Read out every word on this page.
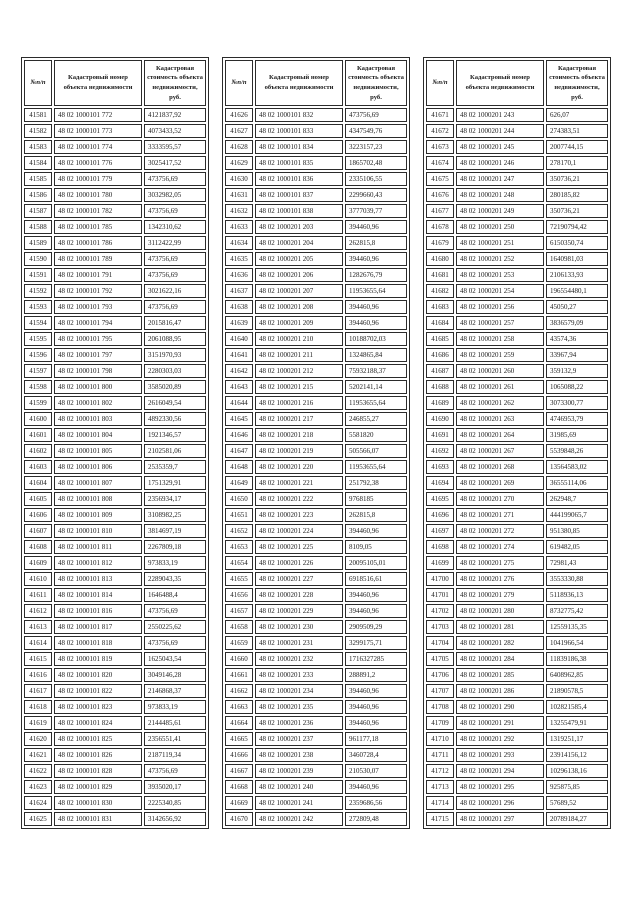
№п/п	Кадастровый номер объекта недвижимости	Кадастровая стоимость объекта недвижимости, руб.
41581	48 02 1000101 772	4121837,92
41582	48 02 1000101 773	4073433,52
41583	48 02 1000101 774	3333595,57
41584	48 02 1000101 776	3025417,52
41585	48 02 1000101 779	473756,69
41586	48 02 1000101 780	3032982,05
41587	48 02 1000101 782	473756,69
41588	48 02 1000101 785	1342310,62
41589	48 02 1000101 786	3112422,99
41590	48 02 1000101 789	473756,69
41591	48 02 1000101 791	473756,69
41592	48 02 1000101 792	3021622,16
41593	48 02 1000101 793	473756,69
41594	48 02 1000101 794	2015816,47
41595	48 02 1000101 795	2061088,95
41596	48 02 1000101 797	3151970,93
41597	48 02 1000101 798	2280303,03
41598	48 02 1000101 800	3585020,89
41599	48 02 1000101 802	2616049,54
41600	48 02 1000101 803	4892330,56
41601	48 02 1000101 804	1921346,57
41602	48 02 1000101 805	2102581,06
41603	48 02 1000101 806	2535359,7
41604	48 02 1000101 807	1751329,91
41605	48 02 1000101 808	2356934,17
41606	48 02 1000101 809	3108982,25
41607	48 02 1000101 810	3814697,19
41608	48 02 1000101 811	2267809,18
41609	48 02 1000101 812	973833,19
41610	48 02 1000101 813	2289043,35
41611	48 02 1000101 814	1646488,4
41612	48 02 1000101 816	473756,69
41613	48 02 1000101 817	2550225,62
41614	48 02 1000101 818	473756,69
41615	48 02 1000101 819	1625043,54
41616	48 02 1000101 820	3049146,28
41617	48 02 1000101 822	2146868,37
41618	48 02 1000101 823	973833,19
41619	48 02 1000101 824	2144485,61
41620	48 02 1000101 825	2356551,41
41621	48 02 1000101 826	2187119,34
41622	48 02 1000101 828	473756,69
41623	48 02 1000101 829	3935020,17
41624	48 02 1000101 830	2225340,85
41625	48 02 1000101 831	3142656,92
№п/п	Кадастровый номер объекта недвижимости	Кадастровая стоимость объекта недвижимости, руб.
41626	48 02 1000101 832	473756,69
41627	48 02 1000101 833	4347549,76
41628	48 02 1000101 834	3223157,23
41629	48 02 1000101 835	1865702,48
41630	48 02 1000101 836	2335106,55
41631	48 02 1000101 837	2299660,43
41632	48 02 1000101 838	3777039,77
41633	48 02 1000201 203	394460,96
41634	48 02 1000201 204	262815,8
41635	48 02 1000201 205	394460,96
41636	48 02 1000201 206	1282676,79
41637	48 02 1000201 207	11953655,64
41638	48 02 1000201 208	394460,96
41639	48 02 1000201 209	394460,96
41640	48 02 1000201 210	10188702,03
41641	48 02 1000201 211	1324865,84
41642	48 02 1000201 212	75932188,37
41643	48 02 1000201 215	5202141,14
41644	48 02 1000201 216	11953655,64
41645	48 02 1000201 217	246855,27
41646	48 02 1000201 218	5581820
41647	48 02 1000201 219	505566,07
41648	48 02 1000201 220	11953655,64
41649	48 02 1000201 221	251792,38
41650	48 02 1000201 222	9768185
41651	48 02 1000201 223	262815,8
41652	48 02 1000201 224	394460,96
41653	48 02 1000201 225	8109,05
41654	48 02 1000201 226	20095105,01
41655	48 02 1000201 227	6918516,61
41656	48 02 1000201 228	394460,96
41657	48 02 1000201 229	394460,96
41658	48 02 1000201 230	2909509,29
41659	48 02 1000201 231	3299175,71
41660	48 02 1000201 232	1716327285
41661	48 02 1000201 233	288891,2
41662	48 02 1000201 234	394460,96
41663	48 02 1000201 235	394460,96
41664	48 02 1000201 236	394460,96
41665	48 02 1000201 237	961177,18
41666	48 02 1000201 238	3460728,4
41667	48 02 1000201 239	210530,07
41668	48 02 1000201 240	394460,96
41669	48 02 1000201 241	2359686,56
41670	48 02 1000201 242	272809,48
№п/п	Кадастровый номер объекта недвижимости	Кадастровая стоимость объекта недвижимости, руб.
41671	48 02 1000201 243	626,07
41672	48 02 1000201 244	274383,51
41673	48 02 1000201 245	2007744,15
41674	48 02 1000201 246	278170,1
41675	48 02 1000201 247	350736,21
41676	48 02 1000201 248	280185,82
41677	48 02 1000201 249	350736,21
41678	48 02 1000201 250	72190794,42
41679	48 02 1000201 251	6150350,74
41680	48 02 1000201 252	1640981,03
41681	48 02 1000201 253	2106133,93
41682	48 02 1000201 254	196554480,1
41683	48 02 1000201 256	45050,27
41684	48 02 1000201 257	3836579,09
41685	48 02 1000201 258	43574,36
41686	48 02 1000201 259	33967,94
41687	48 02 1000201 260	359132,9
41688	48 02 1000201 261	1065088,22
41689	48 02 1000201 262	3073300,77
41690	48 02 1000201 263	4746953,79
41691	48 02 1000201 264	31985,69
41692	48 02 1000201 267	5539848,26
41693	48 02 1000201 268	13564583,02
41694	48 02 1000201 269	36555114,06
41695	48 02 1000201 270	262948,7
41696	48 02 1000201 271	444199065,7
41697	48 02 1000201 272	951380,85
41698	48 02 1000201 274	619482,05
41699	48 02 1000201 275	72981,43
41700	48 02 1000201 276	3553330,88
41701	48 02 1000201 279	5118936,13
41702	48 02 1000201 280	8732775,42
41703	48 02 1000201 281	12559135,35
41704	48 02 1000201 282	1041966,54
41705	48 02 1000201 284	11839186,38
41706	48 02 1000201 285	6408962,85
41707	48 02 1000201 286	21890578,5
41708	48 02 1000201 290	102821585,4
41709	48 02 1000201 291	13255479,91
41710	48 02 1000201 292	1319251,17
41711	48 02 1000201 293	23914156,12
41712	48 02 1000201 294	10296138,16
41713	48 02 1000201 295	925875,85
41714	48 02 1000201 296	57689,52
41715	48 02 1000201 297	20789184,27
